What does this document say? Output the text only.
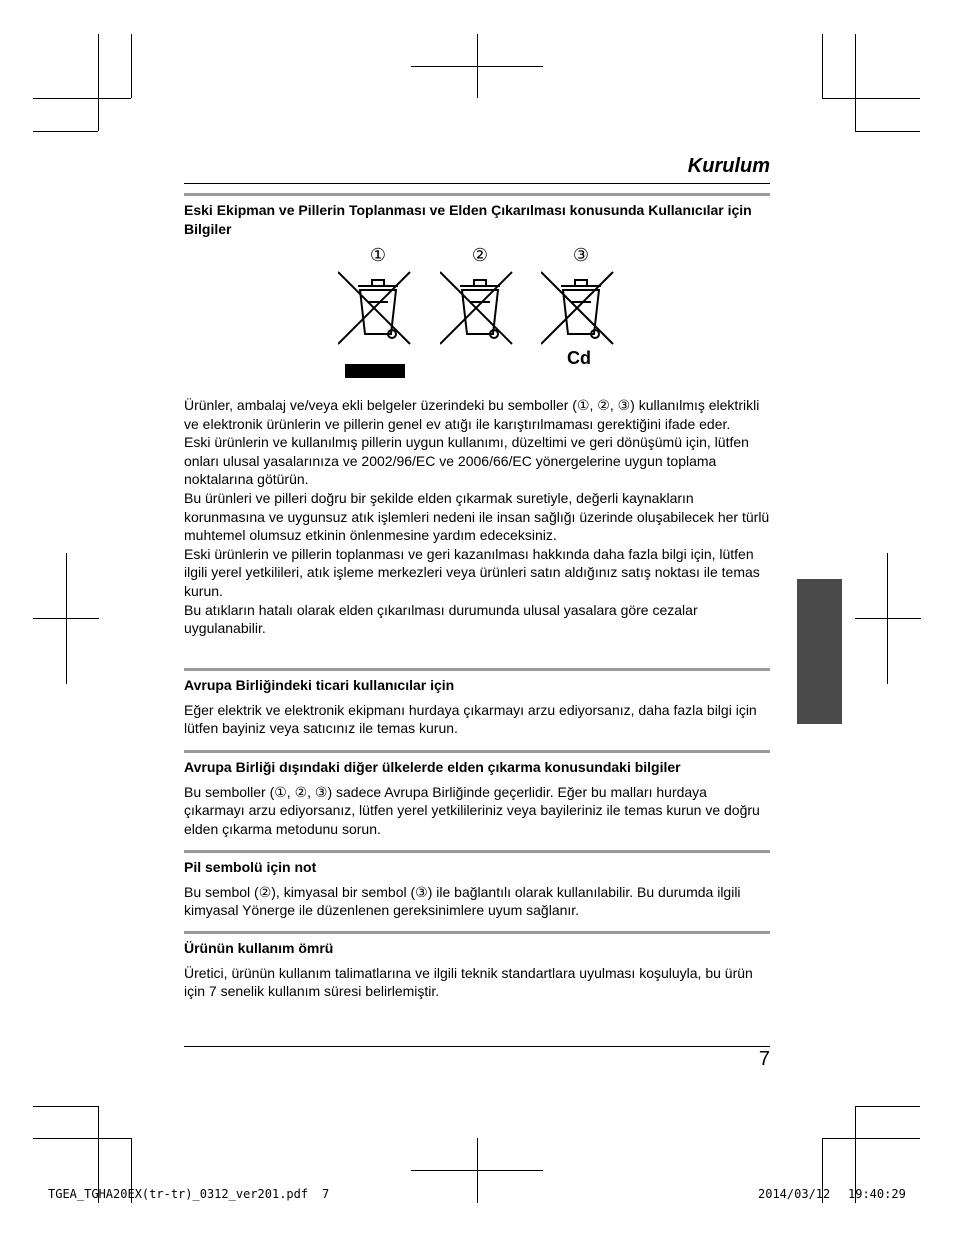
Kurulum

Eski Ekipman ve Pillerin Toplanması ve Elden Çıkarılması konusunda Kullanıcılar için Bilgiler

①	②	③
Cd

Ürünler, ambalaj ve/veya ekli belgeler üzerindeki bu semboller (①, ②, ③) kullanılmış elektrikli ve elektronik ürünlerin ve pillerin genel ev atığı ile karıştırılmaması gerektiğini ifade eder.

Eski ürünlerin ve kullanılmış pillerin uygun kullanımı, düzeltimi ve geri dönüşümü için, lütfen onları ulusal yasalarınıza ve 2002/96/EC ve 2006/66/EC yönergelerine uygun toplama noktalarına götürün.

Bu ürünleri ve pilleri doğru bir şekilde elden çıkarmak suretiyle, değerli kaynakların korunmasına ve uygunsuz atık işlemleri nedeni ile insan sağlığı üzerinde oluşabilecek her türlü muhtemel olumsuz etkinin önlenmesine yardım edeceksiniz.

Eski ürünlerin ve pillerin toplanması ve geri kazanılması hakkında daha fazla bilgi için, lütfen ilgili yerel yetkilileri, atık işleme merkezleri veya ürünleri satın aldığınız satış noktası ile temas kurun.

Bu atıkların hatalı olarak elden çıkarılması durumunda ulusal yasalara göre cezalar uygulanabilir.

Avrupa Birliğindeki ticari kullanıcılar için

Eğer elektrik ve elektronik ekipmanı hurdaya çıkarmayı arzu ediyorsanız, daha fazla bilgi için lütfen bayiniz veya satıcınız ile temas kurun.

Avrupa Birliği dışındaki diğer ülkelerde elden çıkarma konusundaki bilgiler

Bu semboller (①, ②, ③) sadece Avrupa Birliğinde geçerlidir. Eğer bu malları hurdaya çıkarmayı arzu ediyorsanız, lütfen yerel yetkilileriniz veya bayileriniz ile temas kurun ve doğru elden çıkarma metodunu sorun.

Pil sembolü için not

Bu sembol (②), kimyasal bir sembol (③) ile bağlantılı olarak kullanılabilir. Bu durumda ilgili kimyasal Yönerge ile düzenlenen gereksinimlere uyum sağlanır.

Ürünün kullanım ömrü

Üretici, ürünün kullanım talimatlarına ve ilgili teknik standartlara uyulması koşuluyla, bu ürün için 7 senelik kullanım süresi belirlemiştir.

7
TGEA_TGHA20EX(tr-tr)_0312_ver201.pdf 7	2014/03/12 19:40:29
